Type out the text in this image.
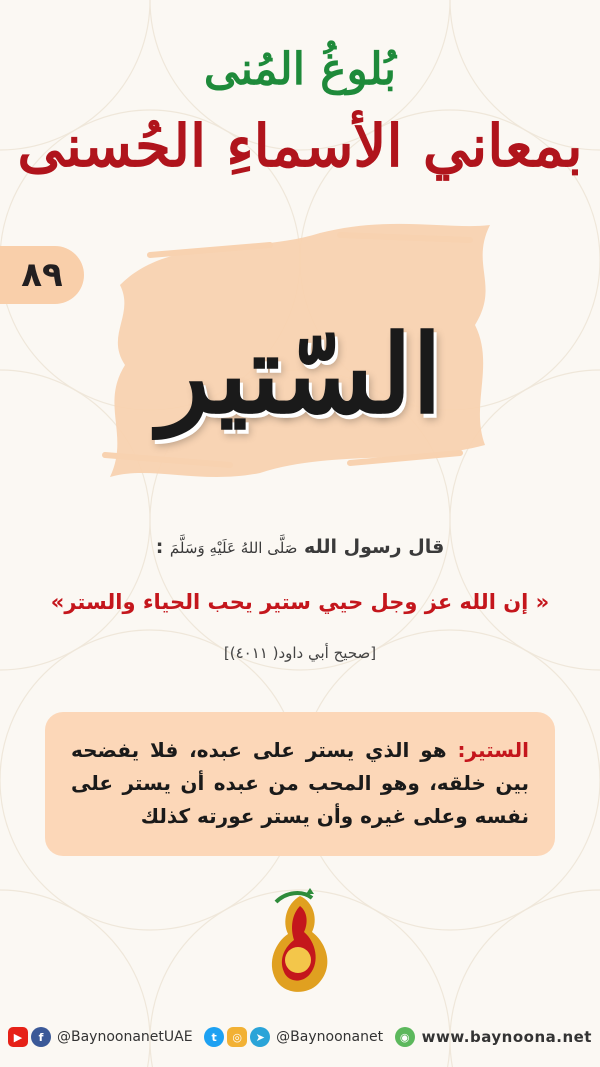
بُلوغُ المُنى
بمعاني الأسماءِ الحُسنى
٨٩
السّتير
قال رسول الله صَلَّى اللهُ عَلَيْهِ وَسَلَّمَ :
« إن الله عز وجل حيي ستير يحب الحياء والستر»
[صحيح أبي داود( ٤٠١١)]
الستير: هو الذي يستر على عبده، فلا يفضحه بين خلقه، وهو المحب من عبده أن يستر على نفسه وعلى غيره وأن يستر عورته كذلك
▶	f @BaynoonanetUAE	t	◎	➤ @Baynoonanet	◉ www.baynoona.net
